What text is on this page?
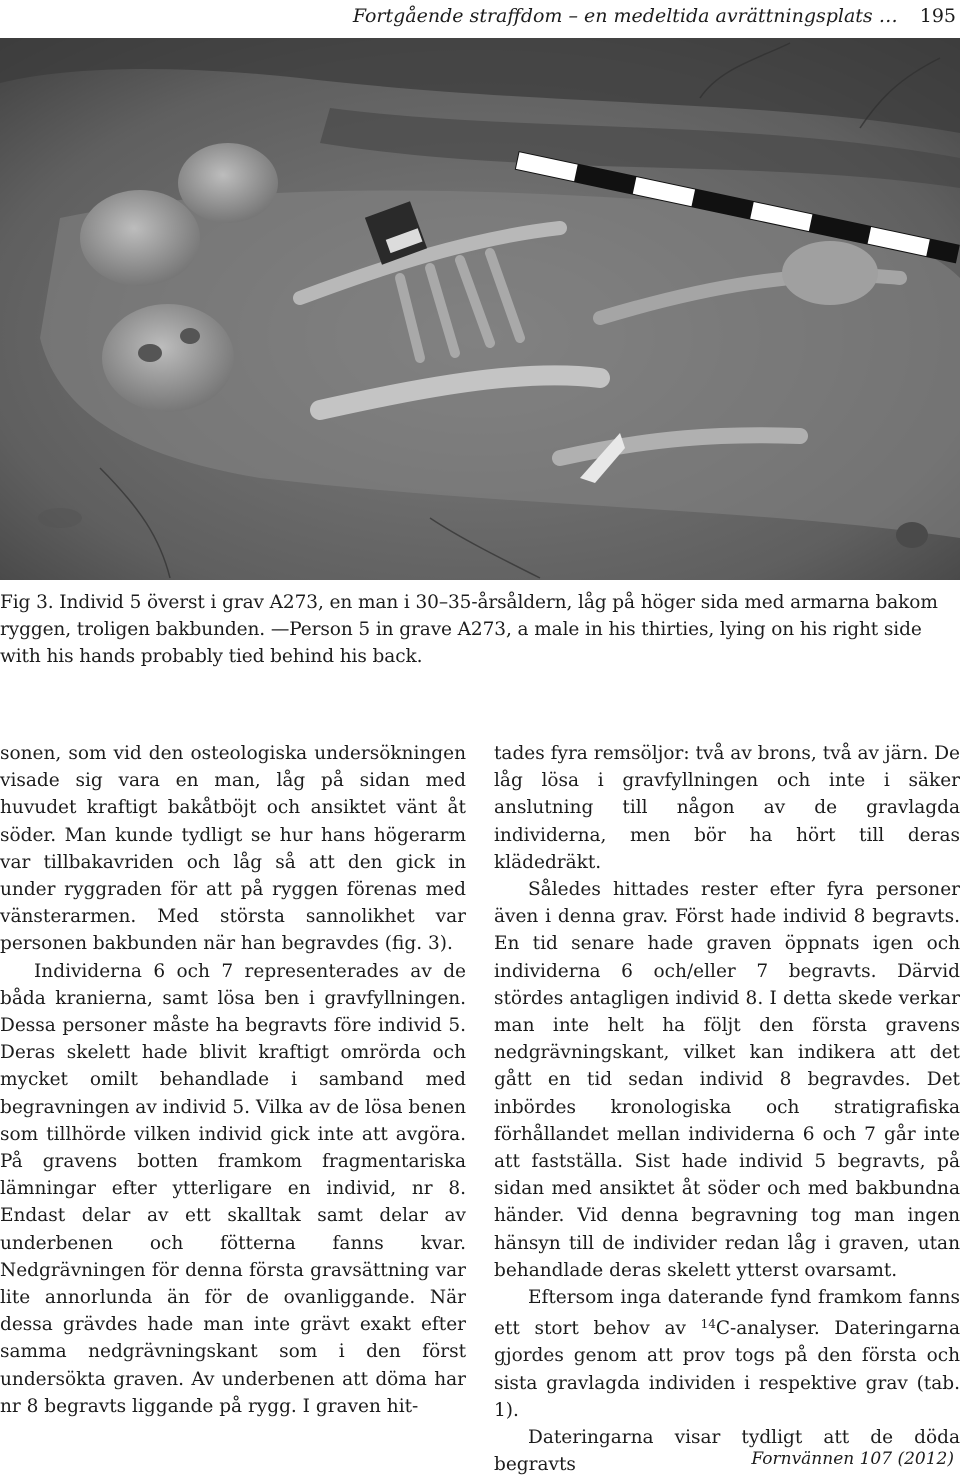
Fortgående straffdom – en medeltida avrättningsplats … 195
Fig 3. Individ 5 överst i grav A273, en man i 30–35-årsåldern, låg på höger sida med armarna bakom ryggen, troligen bakbunden. —Person 5 in grave A273, a male in his thirties, lying on his right side with his hands probably tied behind his back.

sonen, som vid den osteologiska undersökningen visade sig vara en man, låg på sidan med huvudet kraftigt bakåtböjt och ansiktet vänt åt söder. Man kunde tydligt se hur hans högerarm var tillbakavriden och låg så att den gick in under ryggraden för att på ryggen förenas med vänsterarmen. Med största sannolikhet var personen bakbunden när han begravdes (fig. 3).

Individerna 6 och 7 representerades av de båda kranierna, samt lösa ben i gravfyllningen. Dessa personer måste ha begravts före individ 5. Deras skelett hade blivit kraftigt omrörda och mycket omilt behandlade i samband med begravningen av individ 5. Vilka av de lösa benen som tillhörde vilken individ gick inte att avgöra. På gravens botten framkom fragmentariska lämningar efter ytterligare en individ, nr 8. Endast delar av ett skalltak samt delar av underbenen och fötterna fanns kvar. Nedgrävningen för denna första gravsättning var lite annorlunda än för de ovanliggande. När dessa grävdes hade man inte grävt exakt efter samma nedgrävningskant som i den först undersökta graven. Av underbenen att döma har nr 8 begravts liggande på rygg. I graven hit-

tades fyra remsöljor: två av brons, två av järn. De låg lösa i gravfyllningen och inte i säker anslutning till någon av de gravlagda individerna, men bör ha hört till deras klädedräkt.

Således hittades rester efter fyra personer även i denna grav. Först hade individ 8 begravts. En tid senare hade graven öppnats igen och individerna 6 och/eller 7 begravts. Därvid stördes antagligen individ 8. I detta skede verkar man inte helt ha följt den första gravens nedgrävningskant, vilket kan indikera att det gått en tid sedan individ 8 begravdes. Det inbördes kronologiska och stratigrafiska förhållandet mellan individerna 6 och 7 går inte att fastställa. Sist hade individ 5 begravts, på sidan med ansiktet åt söder och med bakbundna händer. Vid denna begravning tog man ingen hänsyn till de individer redan låg i graven, utan behandlade deras skelett ytterst ovarsamt.

Eftersom inga daterande fynd framkom fanns ett stort behov av $^{14}$C-analyser. Dateringarna gjordes genom att prov togs på den första och sista gravlagda individen i respektive grav (tab. 1).

Dateringarna visar tydligt att de döda begravts	Fornvännen 107 (2012)
